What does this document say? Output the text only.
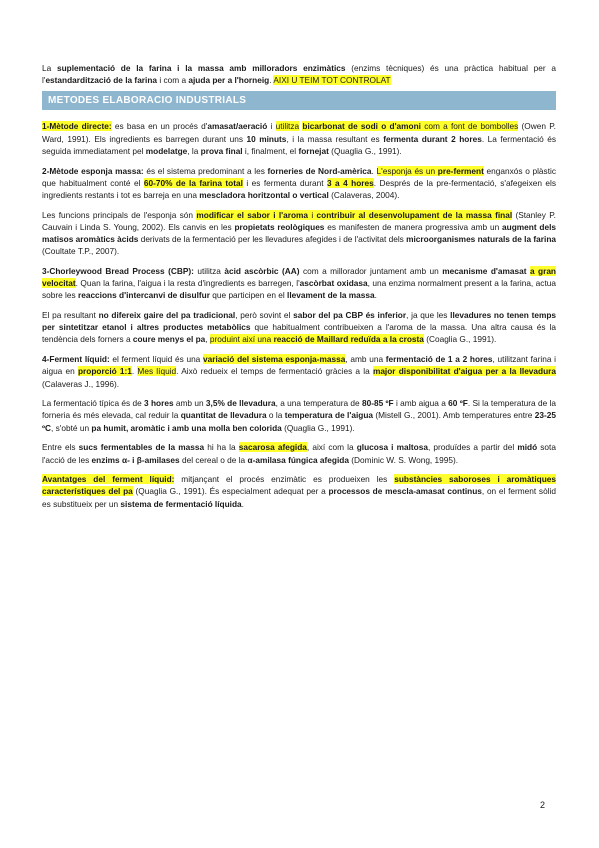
La suplementació de la farina i la massa amb milloradors enzimàtics (enzims tècniques) és una pràctica habitual per a l'estandardització de la farina i com a ajuda per a l'horneig. AIXI U TEIM TOT CONTROLAT

METODES ELABORACIO INDUSTRIALS

1-Mètode directe: es basa en un procés d'amasat/aeració i utilitza bicarbonat de sodi o d'amoni com a font de bombolles (Owen P. Ward, 1991). Els ingredients es barregen durant uns 10 minuts, i la massa resultant es fermenta durant 2 hores. La fermentació és seguida immediatament pel modelatge, la prova final i, finalment, el fornejat (Quaglia G., 1991).

2-Mètode esponja massa: és el sistema predominant a les forneries de Nord-amèrica. L'esponja és un pre-ferment enganxós o plàstic que habitualment conté el 60-70% de la farina total i es fermenta durant 3 a 4 hores. Després de la pre-fermentació, s'afegeixen els ingredients restants i tot es barreja en una mescladora horitzontal o vertical (Calaveras, 2004).

Les funcions principals de l'esponja són modificar el sabor i l'aroma i contribuir al desenvolupament de la massa final (Stanley P. Cauvain i Linda S. Young, 2002). Els canvis en les propietats reològiques es manifesten de manera progressiva amb un augment dels matisos aromàtics àcids derivats de la fermentació per les llevadures afegides i de l'activitat dels microorganismes naturals de la farina (Coultate T.P., 2007).

3-Chorleywood Bread Process (CBP): utilitza àcid ascòrbic (AA) com a millorador juntament amb un mecanisme d'amasat a gran velocitat. Quan la farina, l'aigua i la resta d'ingredients es barregen, l'ascòrbat oxidasa, una enzima normalment present a la farina, actua sobre les reaccions d'intercanvi de disulfur que participen en el llevament de la massa.

El pa resultant no difereix gaire del pa tradicional, però sovint el sabor del pa CBP és inferior, ja que les llevadures no tenen temps per sintetitzar etanol i altres productes metabòlics que habitualment contribueixen a l'aroma de la massa. Una altra causa és la tendència dels forners a coure menys el pa, produint així una reacció de Maillard reduïda a la crosta (Coaglia G., 1991).

4-Ferment líquid: el ferment líquid és una variació del sistema esponja-massa, amb una fermentació de 1 a 2 hores, utilitzant farina i aigua en proporció 1:1. Mes líquid. Això redueix el temps de fermentació gràcies a la major disponibilitat d'aigua per a la llevadura (Calaveras J., 1996).

La fermentació típica és de 3 hores amb un 3,5% de llevadura, a una temperatura de 80-85 ºF i amb aigua a 60 ºF. Si la temperatura de la forneria és més elevada, cal reduir la quantitat de llevadura o la temperatura de l'aigua (Mistell G., 2001). Amb temperatures entre 23-25 ºC, s'obté un pa humit, aromàtic i amb una molla ben colorida (Quaglia G., 1991).

Entre els sucs fermentables de la massa hi ha la sacarosa afegida, així com la glucosa i maltosa, produïdes a partir del midó sota l'acció de les enzims α- i β-amilases del cereal o de la α-amilasa fúngica afegida (Dominic W. S. Wong, 1995).

Avantatges del ferment líquid: mitjançant el procés enzimàtic es produeixen les substàncies saboroses i aromàtiques característiques del pa (Quaglia G., 1991). És especialment adequat per a processos de mescla-amasat continus, on el ferment sòlid es substitueix per un sistema de fermentació líquida.

2
